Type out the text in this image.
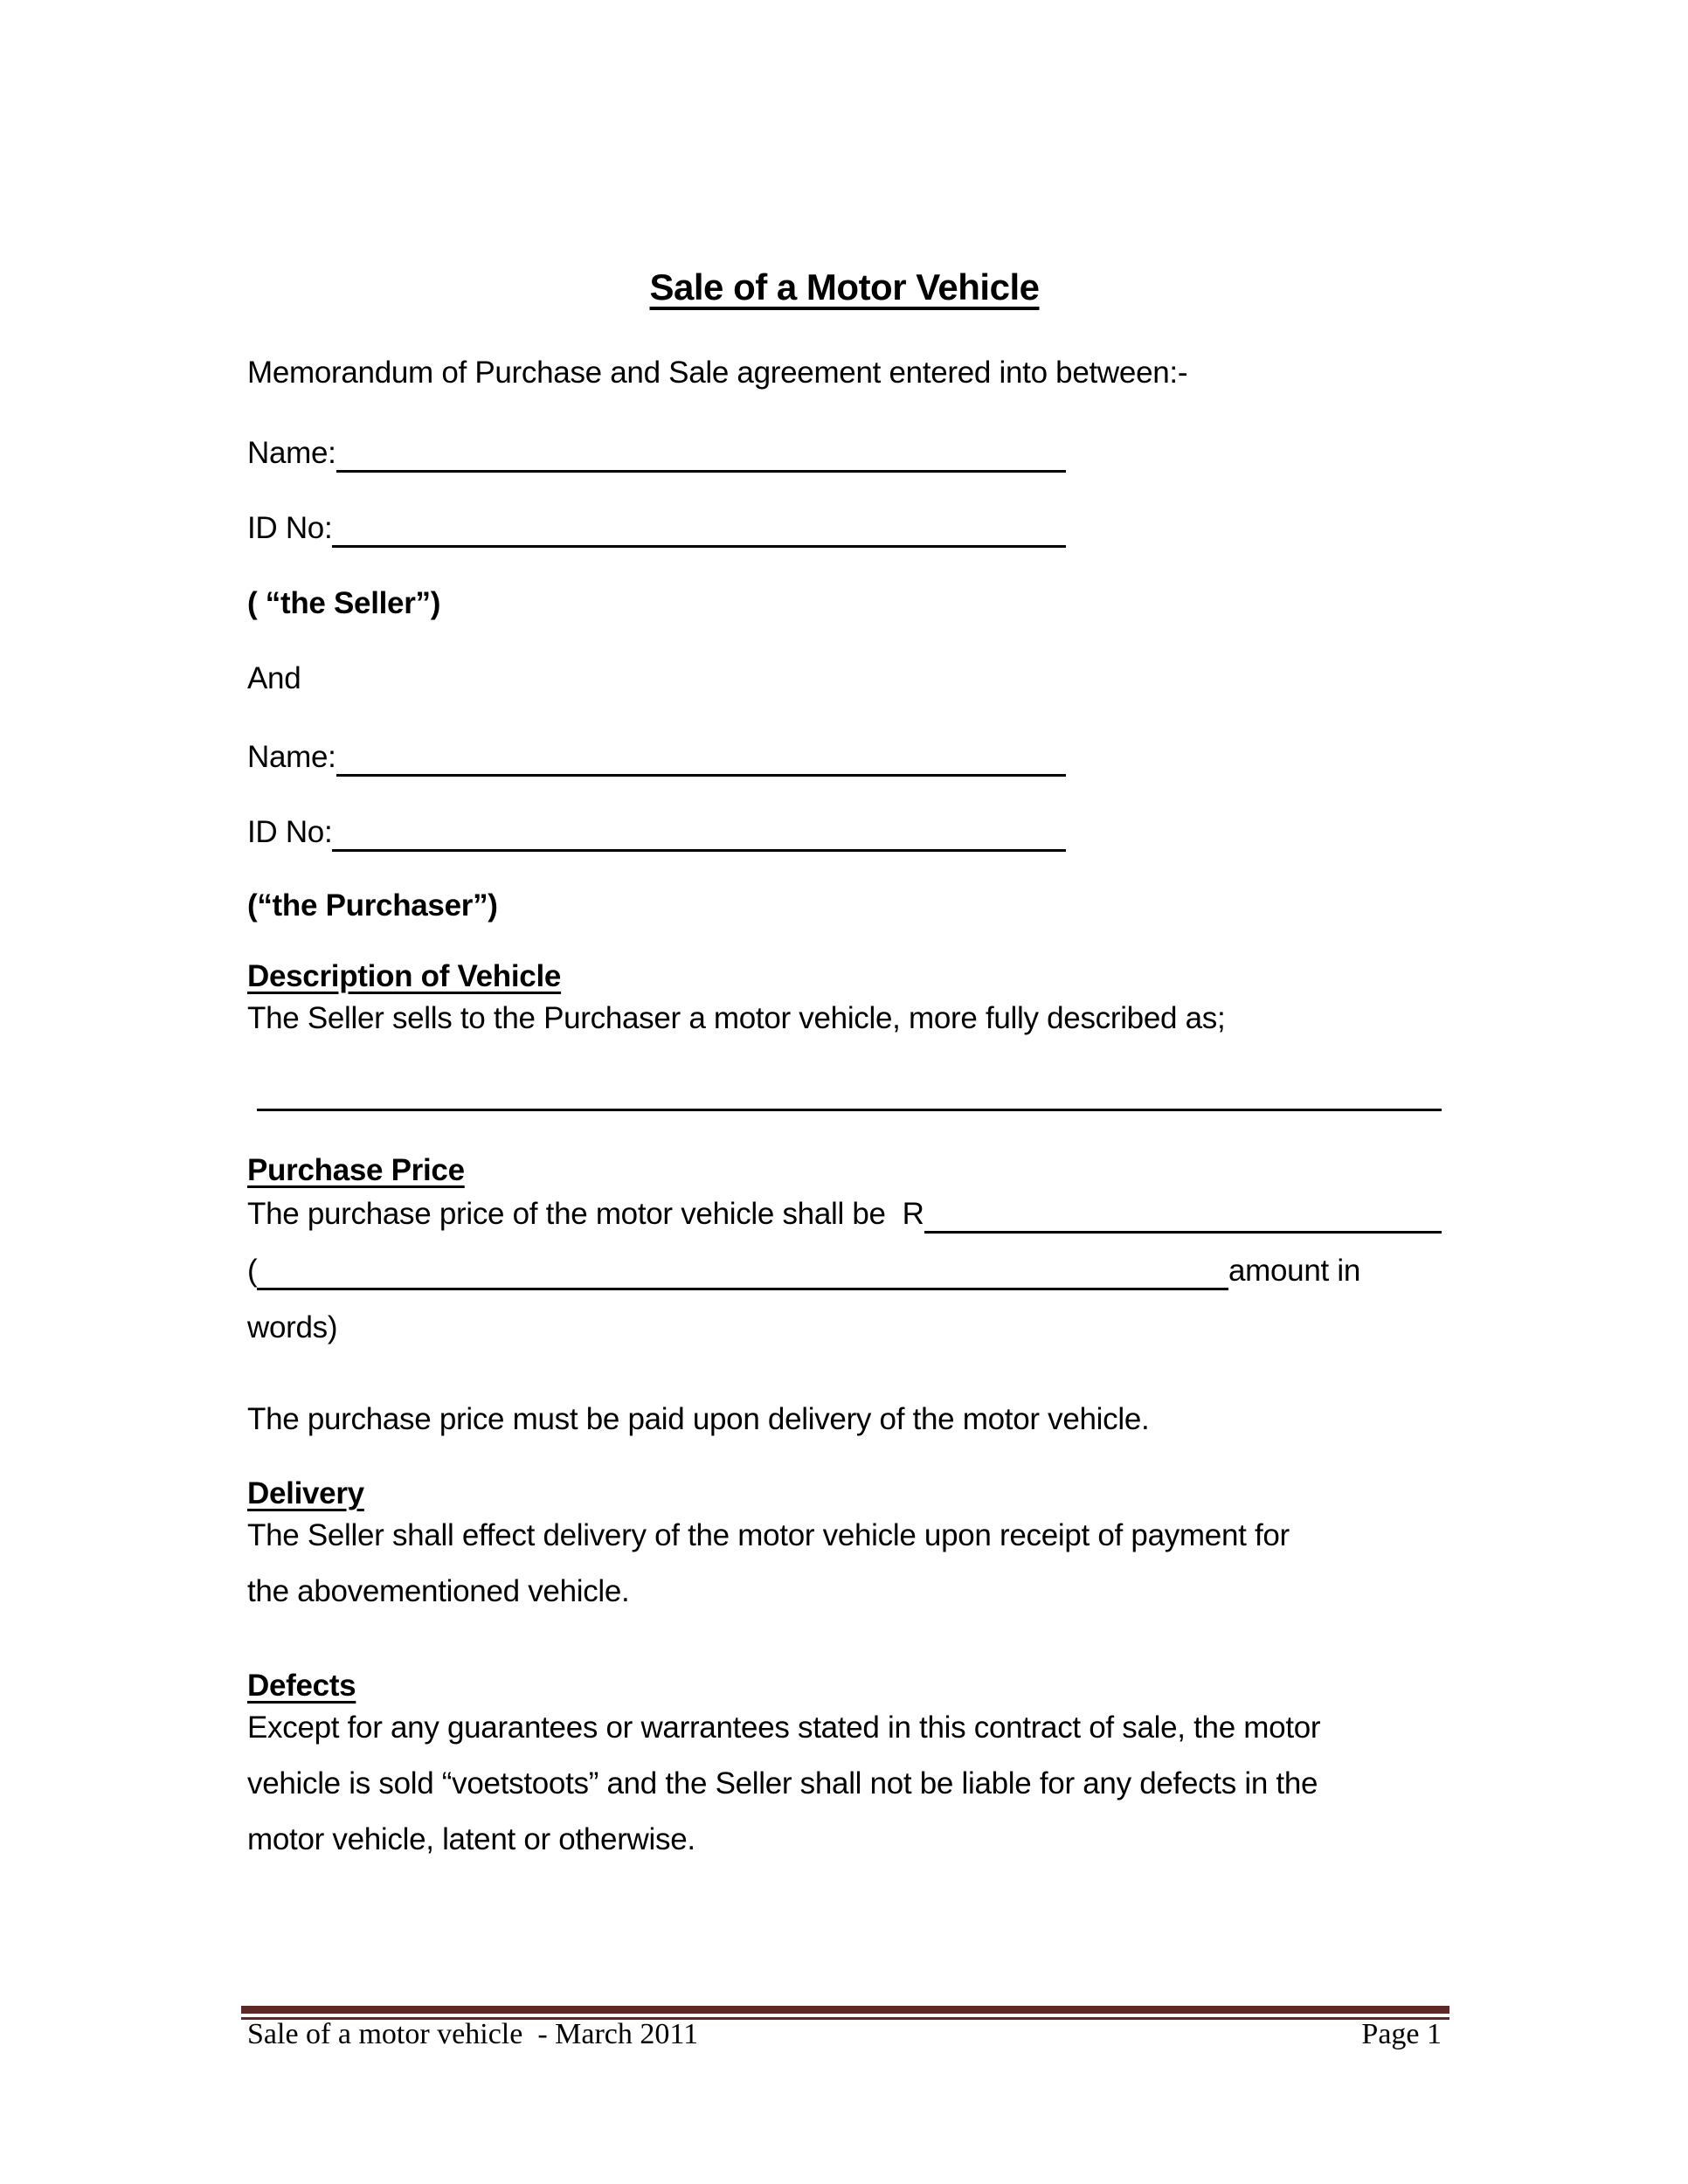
Sale of a Motor Vehicle
Memorandum of Purchase and Sale agreement entered into between:-
Name:
ID No:
( “the Seller”)
And
Name:
ID No:
(“the Purchaser”)
Description of Vehicle
The Seller sells to the Purchaser a motor vehicle, more fully described as;
Purchase Price
The purchase price of the motor vehicle shall be  R
(	amount in
words)
The purchase price must be paid upon delivery of the motor vehicle.
Delivery
The Seller shall effect delivery of the motor vehicle upon receipt of payment for
the abovementioned vehicle.
Defects
Except for any guarantees or warrantees stated in this contract of sale, the motor
vehicle is sold “voetstoots” and the Seller shall not be liable for any defects in the
motor vehicle, latent or otherwise.
Sale of a motor vehicle  - March 2011	Page 1
